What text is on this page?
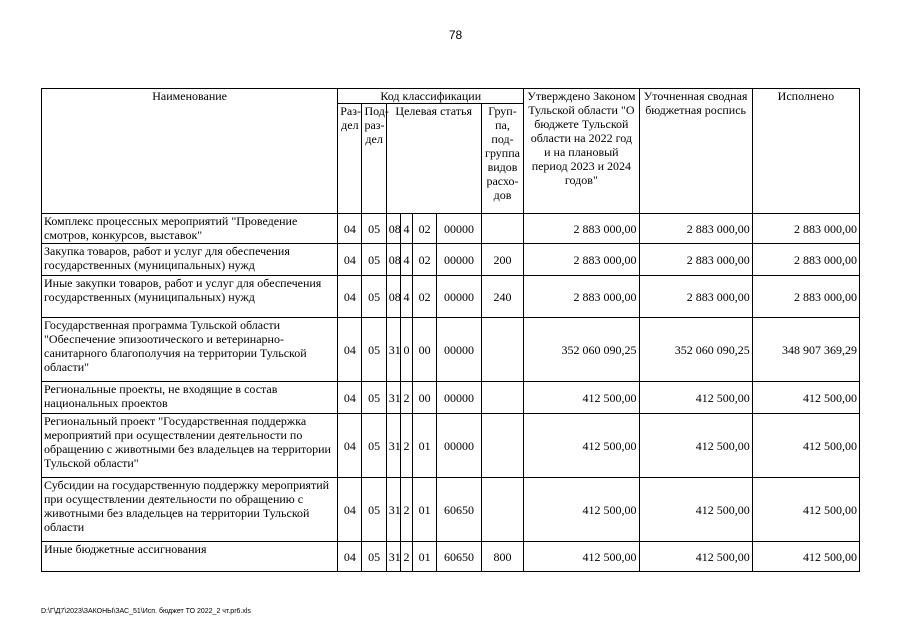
78
Наименование	Код классификации							Утверждено Законом Тульской области "О бюджете Тульской области на 2022 год и на плановый период 2023 и 2024 годов"	Уточненная сводная бюджетная роспись	Исполнено
	Раз-дел	Под-раз-дел	Целевая статья				Груп-па, под-группа видов расхо-дов			
Комплекс процессных мероприятий "Проведение смотров, конкурсов, выставок"	04	05	08	4	02	00000		2 883 000,00	2 883 000,00	2 883 000,00
Закупка товаров, работ и услуг для обеспечения государственных (муниципальных) нужд	04	05	08	4	02	00000	200	2 883 000,00	2 883 000,00	2 883 000,00
Иные закупки товаров, работ и услуг для обеспечения государственных (муниципальных) нужд	04	05	08	4	02	00000	240	2 883 000,00	2 883 000,00	2 883 000,00
Государственная программа Тульской области "Обеспечение эпизоотического и ветеринарно-санитарного благополучия на территории Тульской области"	04	05	31	0	00	00000		352 060 090,25	352 060 090,25	348 907 369,29
Региональные проекты, не входящие в состав национальных проектов	04	05	31	2	00	00000		412 500,00	412 500,00	412 500,00
Региональный проект "Государственная поддержка мероприятий при осуществлении деятельности по обращению с животными без владельцев на территории Тульской области"	04	05	31	2	01	00000		412 500,00	412 500,00	412 500,00
Субсидии на государственную поддержку мероприятий при осуществлении деятельности по обращению с животными без владельцев на территории Тульской области	04	05	31	2	01	60650		412 500,00	412 500,00	412 500,00
Иные бюджетные ассигнования	04	05	31	2	01	60650	800	412 500,00	412 500,00	412 500,00
D:\Г\Д7\2023\ЗАКОНЫ\ЗАС_51\Исп. бюджет ТО 2022_2 чт.pr6.xls
